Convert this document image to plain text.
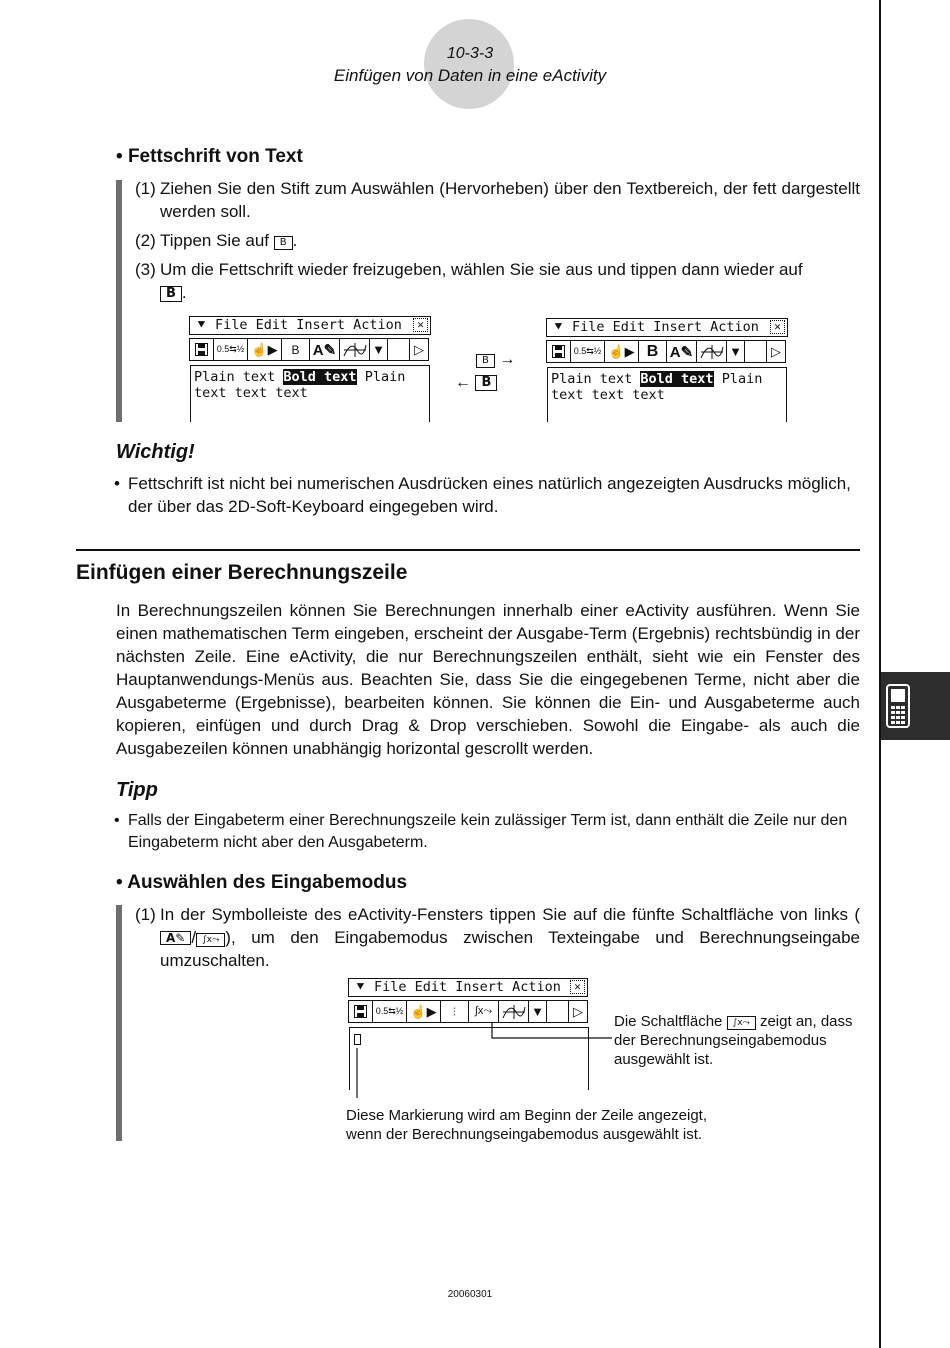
10-3-3
Einfügen von Daten in eine eActivity
• Fettschrift von Text
(1) Ziehen Sie den Stift zum Auswählen (Hervorheben) über den Textbereich, der fett dargestellt werden soll.
(2) Tippen Sie auf B .
(3) Um die Fettschrift wieder freizugeben, wählen Sie sie aus und tippen dann wieder auf
B .
⯆ File Edit Insert Action	✕
0.5⇆½ ☝▶	B A✎	▼	▷
Plain text Bold text Plain
text text text
B →
← B
⯆ File Edit Insert Action	✕
0.5⇆½ ☝▶ B A✎	▼	▷
Plain text Bold text Plain
text text text
Wichtig!
• Fettschrift ist nicht bei numerischen Ausdrücken eines natürlich angezeigten Ausdrucks möglich, der über das 2D-Soft-Keyboard eingegeben wird.
Einfügen einer Berechnungszeile
In Berechnungszeilen können Sie Berechnungen innerhalb einer eActivity ausführen. Wenn Sie einen mathematischen Term eingeben, erscheint der Ausgabe-Term (Ergebnis) rechtsbündig in der nächsten Zeile. Eine eActivity, die nur Berechnungszeilen enthält, sieht wie ein Fenster des Hauptanwendungs-Menüs aus. Beachten Sie, dass Sie die eingegebenen Terme, nicht aber die Ausgabeterme (Ergebnisse), bearbeiten können. Sie können die Ein- und Ausgabeterme auch kopieren, einfügen und durch Drag & Drop verschieben. Sowohl die Eingabe- als auch die Ausgabezeilen können unabhängig horizontal gescrollt werden.
Tipp
• Falls der Eingabeterm einer Berechnungszeile kein zulässiger Term ist, dann enthält die Zeile nur den Eingabeterm nicht aber den Ausgabeterm.
• Auswählen des Eingabemodus
(1) In der Symbolleiste des eActivity-Fensters tippen Sie auf die fünfte Schaltfläche von links (A✎ / ∫x⤳ ), um den Eingabemodus zwischen Texteingabe und Berechnungseingabe umzuschalten.
⯆ File Edit Insert Action	✕
0.5⇆½ ☝▶	⁝	∫x⤳	▼	▷
Die Schaltfläche ∫x⤳ zeigt an, dass der Berechnungseingabemodus ausgewählt ist.
Diese Markierung wird am Beginn der Zeile angezeigt, wenn der Berechnungseingabemodus ausgewählt ist.
20060301
